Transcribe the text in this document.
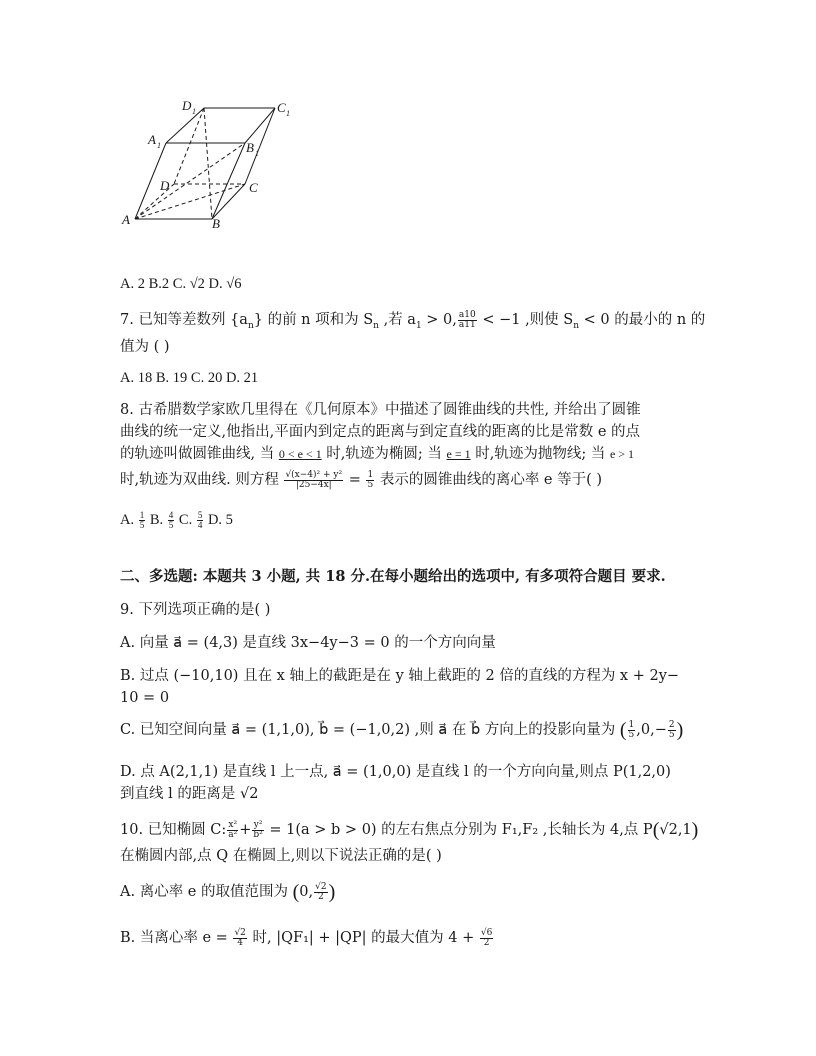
D 1	C 1
A 1	B 1
D	C
A	B
A. 2 B.2 C. √2 D. √6
7. 已知等差数列 $\{a_n\}$ 的前 n 项和为 $S_n$ ,若 $a_1 > 0$, $\frac{a10}{a11} < -1$ ,则使 $S_n < 0$ 的最小的 n 的
值为 ( )
A. 18 B. 19 C. 20 D. 21
8. 古希腊数学家欧几里得在《几何原本》中描述了圆锥曲线的共性, 并给出了圆锥
曲线的统一定义,他指出,平面内到定点的距离与到定直线的距离的比是常数 e 的点
的轨迹叫做圆锥曲线, 当 0 < e < 1 时,轨迹为椭圆; 当 e = 1 时,轨迹为抛物线; 当 e > 1
时,轨迹为双曲线. 则方程 $\frac{\text{√(x−4)² + y²}}{|25-4x|} = \frac{1}{5}$ 表示的圆锥曲线的离心率 e 等于( )
A. $\frac{1}{5} B$. $\frac{4}{5} C$. $\frac{5}{4} D$. 5
二、多选题: 本题共 3 小题, 共 18 分.在每小题给出的选项中, 有多项符合题目 要求.
9. 下列选项正确的是( )
A. 向量 a⃗ = (4,3) 是直线 3x−4y−3 = 0 的一个方向向量
B. 过点 (−10,10) 且在 x 轴上的截距是在 y 轴上截距的 2 倍的直线的方程为 x + 2y−
10 = 0
C. 已知空间向量 a⃗ = (1,1,0), b⃗ = (−1,0,2) ,则 a⃗ 在 b⃗ 方向上的投影向量为 ( $\frac{1}{5} ,0,- \frac{2}{5}$ )
D. 点 A(2,1,1) 是直线 l 上一点, a⃗ = (1,0,0) 是直线 l 的一个方向向量,则点 P(1,2,0)
到直线 l 的距离是 √2
10. 已知椭圆 C: $\frac{\text{x²}}{\text{a²}} + \frac{\text{y²}}{\text{b²}} = 1(a > b > 0)$ 的左右焦点分别为 F₁,F₂ ,长轴长为 4,点 P(√2,1)
在椭圆内部,点 Q 在椭圆上,则以下说法正确的是( )
A. 离心率 e 的取值范围为 (0, $\frac{√2}{2}$ )
B. 当离心率 $e = \frac{√2}{4}$ 时, |QF₁| + |QP| 的最大值为 $4 + \frac{√6}{2}$
